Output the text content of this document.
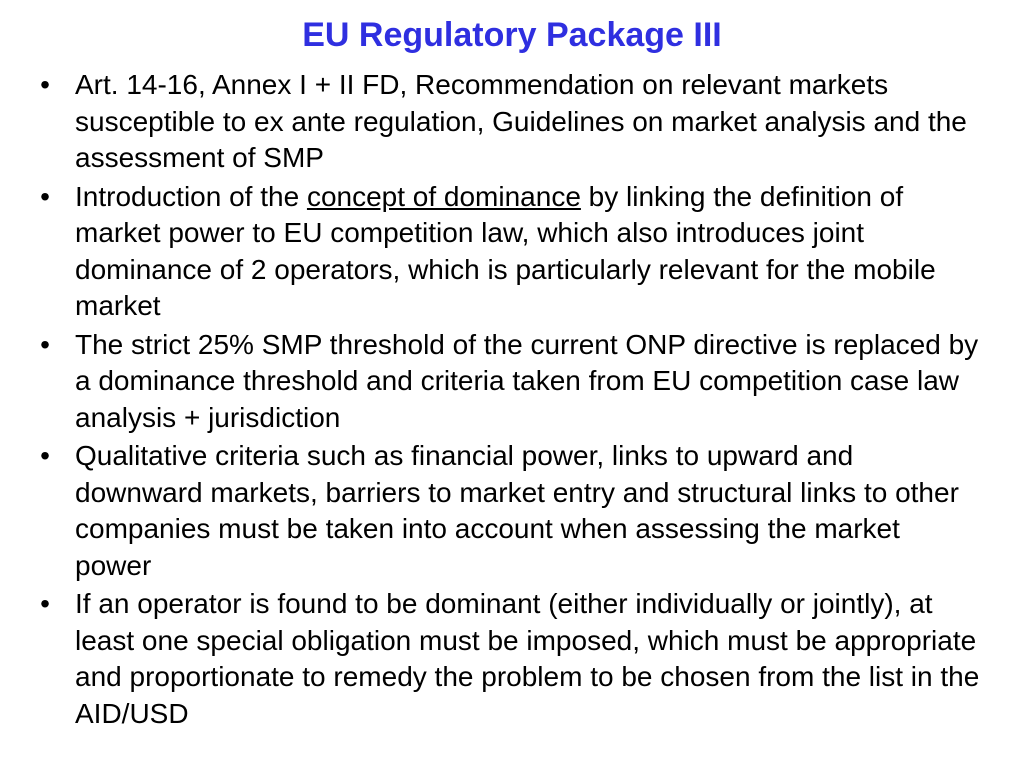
EU Regulatory Package III
• Art. 14-16, Annex I + II FD, Recommendation on relevant markets susceptible to ex ante regulation, Guidelines on market analysis and the assessment of SMP
• Introduction of the concept of dominance by linking the definition of market power to EU competition law, which also introduces joint dominance of 2 operators, which is particularly relevant for the mobile market
• The strict 25% SMP threshold of the current ONP directive is replaced by a dominance threshold and criteria taken from EU competition case law analysis + jurisdiction
• Qualitative criteria such as financial power, links to upward and downward markets, barriers to market entry and structural links to other companies must be taken into account when assessing the market power
• If an operator is found to be dominant (either individually or jointly), at least one special obligation must be imposed, which must be appropriate and proportionate to remedy the problem to be chosen from the list in the AID/USD
